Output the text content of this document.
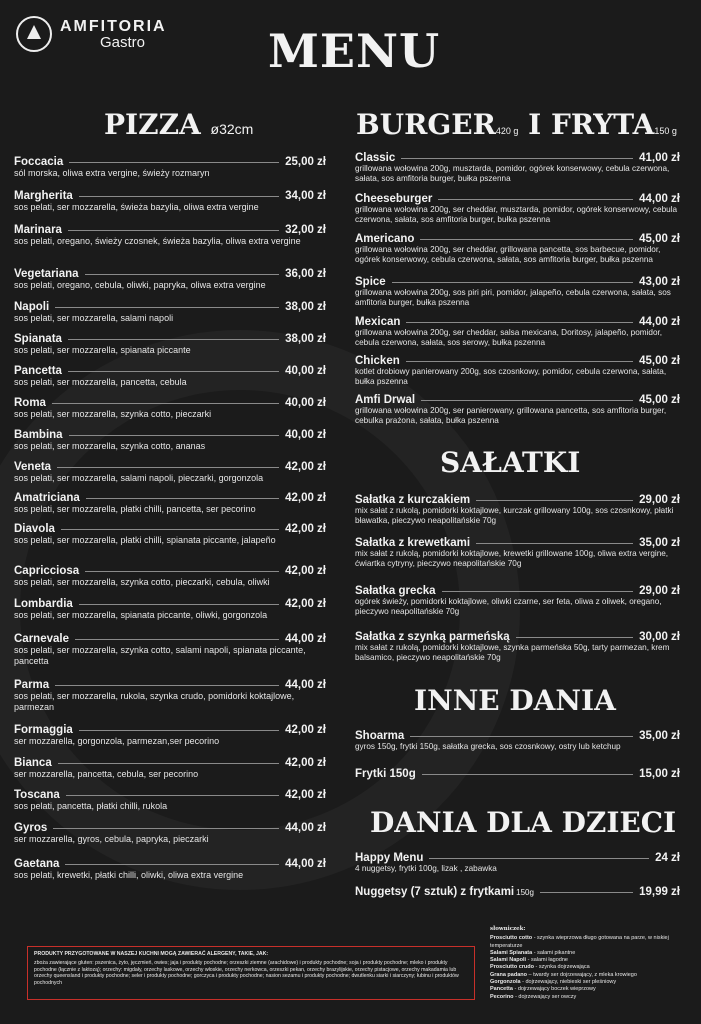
AMFITORIA
Gastro	MENU
PIZZA ø32cm
Foccacia	25,00 zł
sól morska, oliwa extra vergine, świeży rozmaryn
Margherita	34,00 zł
sos pelati, ser mozzarella, świeża bazylia, oliwa extra vergine
Marinara	32,00 zł
sos pelati, oregano, świeży czosnek, świeża bazylia, oliwa extra vergine
Vegetariana	36,00 zł
sos pelati, oregano, cebula, oliwki, papryka, oliwa extra vergine
Napoli	38,00 zł
sos pelati, ser mozzarella, salami napoli
Spianata	38,00 zł
sos pelati, ser mozzarella, spianata piccante
Pancetta	40,00 zł
sos pelati, ser mozzarella, pancetta, cebula
Roma	40,00 zł
sos pelati, ser mozzarella, szynka cotto, pieczarki
Bambina	40,00 zł
sos pelati, ser mozzarella, szynka cotto, ananas
Veneta	42,00 zł
sos pelati, ser mozzarella, salami napoli, pieczarki, gorgonzola
Amatriciana	42,00 zł
sos pelati, ser mozzarella, płatki chilli, pancetta, ser pecorino
Diavola	42,00 zł
sos pelati, ser mozzarella, płatki chilli, spianata piccante, jalapeño
Capricciosa	42,00 zł
sos pelati, ser mozzarella, szynka cotto, pieczarki, cebula, oliwki
Lombardia	42,00 zł
sos pelati, ser mozzarella, spianata piccante, oliwki, gorgonzola
Carnevale	44,00 zł
sos pelati, ser mozzarella, szynka cotto, salami napoli, spianata piccante, pancetta
Parma	44,00 zł
sos pelati, ser mozzarella, rukola, szynka crudo, pomidorki koktajlowe, parmezan
Formaggia	42,00 zł
ser mozzarella, gorgonzola, parmezan,ser pecorino
Bianca	42,00 zł
ser mozzarella, pancetta, cebula, ser pecorino
Toscana	42,00 zł
sos pelati, pancetta, płatki chilli, rukola
Gyros	44,00 zł
ser mozzarella, gyros, cebula, papryka, pieczarki
Gaetana	44,00 zł
sos pelati, krewetki, płatki chilli, oliwki, oliwa extra vergine
BURGER420 g I FRYTA150 g
Classic	41,00 zł
grillowana wołowina 200g, musztarda, pomidor, ogórek konserwowy, cebula czerwona, sałata, sos amfitoria burger, bułka pszenna
Cheeseburger	44,00 zł
grillowana wołowina 200g, ser cheddar, musztarda, pomidor, ogórek konserwowy, cebula czerwona, sałata, sos amfitoria burger, bułka pszenna
Americano	45,00 zł
grillowana wołowina 200g, ser cheddar, grillowana pancetta, sos barbecue, pomidor, ogórek konserwowy, cebula czerwona, sałata, sos amfitoria burger, bułka pszenna
Spice	43,00 zł
grillowana wołowina 200g, sos piri piri, pomidor, jalapeño, cebula czerwona, sałata, sos amfitoria burger, bułka pszenna
Mexican	44,00 zł
grillowana wołowina 200g, ser cheddar, salsa mexicana, Doritosy, jalapeño, pomidor, cebula czerwona, sałata, sos serowy, bułka pszenna
Chicken	45,00 zł
kotlet drobiowy panierowany 200g, sos czosnkowy, pomidor, cebula czerwona, sałata, bułka pszenna
Amfi Drwal	45,00 zł
grillowana wołowina 200g, ser panierowany, grillowana pancetta, sos amfitoria burger, cebulka prażona, sałata, bułka pszenna
SAŁATKI
Sałatka z kurczakiem	29,00 zł
mix sałat z rukolą, pomidorki koktajlowe, kurczak grillowany 100g, sos czosnkowy, płatki bławatka, pieczywo neapolitańskie 70g
Sałatka z krewetkami	35,00 zł
mix sałat z rukolą, pomidorki koktajlowe, krewetki grillowane 100g, oliwa extra vergine, ćwiartka cytryny, pieczywo neapolitańskie 70g
Sałatka grecka	29,00 zł
ogórek świeży, pomidorki koktajlowe, oliwki czarne, ser feta, oliwa z oliwek, oregano, pieczywo neapolitańskie 70g
Sałatka z szynką parmeńską	30,00 zł
mix sałat z rukolą, pomidorki koktajlowe, szynka parmeńska 50g, tarty parmezan, krem balsamico, pieczywo neapolitańskie 70g
INNE DANIA
Shoarma	35,00 zł
gyros 150g, frytki 150g, sałatka grecka, sos czosnkowy, ostry lub ketchup
Frytki 150g	15,00 zł
DANIA DLA DZIECI
Happy Menu	24 zł
4 nuggetsy, frytki 100g, lizak , zabawka
Nuggetsy (7 sztuk) z frytkami 150g	19,99 zł
PRODUKTY PRZYGOTOWANE W NASZEJ KUCHNI MOGĄ ZAWIERAĆ ALERGENY, TAKIE, JAK:
zboża zawierające gluten: pszenica, żyto, jęczmień, owies; jaja i produkty pochodne; orzeszki ziemne (arachidowe) i produkty pochodne; soja i produkty pochodne; mleko i produkty pochodne (łącznie z laktozą); orzechy: migdały, orzechy laskowe, orzechy włoskie, orzechy nerkowca, orzeszki pekan, orzechy brazylijskie, orzechy pistacjowe, orzechy makadamia lub orzechy queensland i produkty pochodne; seler i produkty pochodne; gorczyca i produkty pochodne; nasion sezamu i produkty pochodne; dwutlenku siarki i siarczyny; łubinu i produktów pochodnych
słowniczek:
Prosciutto cotto - szynka wieprzowa długo gotowana na parze, w niskiej temperaturze
Salami Spianata - salami pikantne
Salami Napoli - salami łagodne
Prosciutto crudo - szynka dojrzewająca
Grana padano – twardy ser dojrzewający, z mleka krowiego
Gorgonzola - dojrzewający, niebieski ser pleśniowy
Pancetta - dojrzewający boczek wieprzowy
Pecorino - dojrzewający ser owczy
